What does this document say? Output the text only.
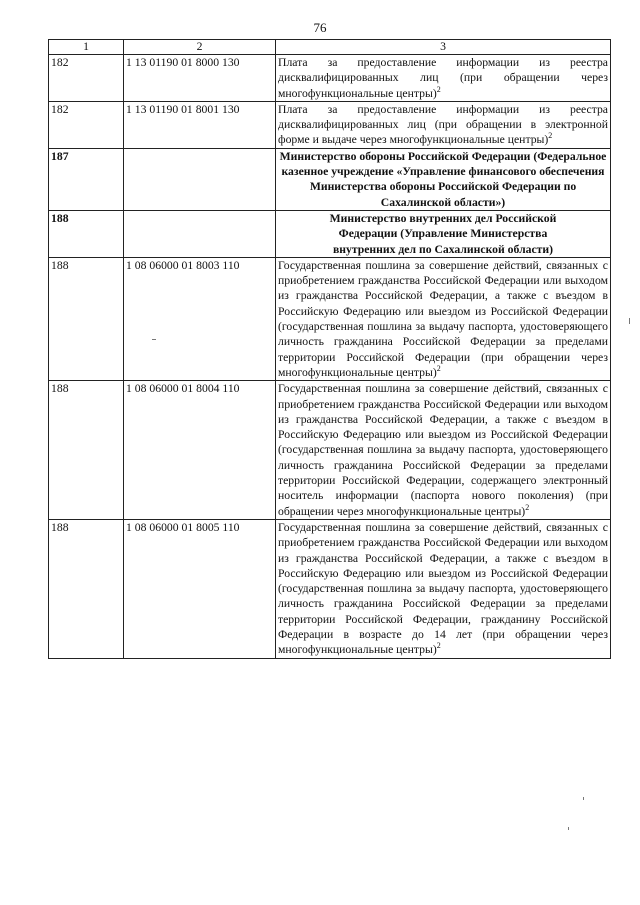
76
1	2	3
182	1 13 01190 01 8000 130	Плата за предоставление информации из реестра дисквалифицированных лиц (при обращении через многофункциональные центры)$^2$
182	1 13 01190 01 8001 130	Плата за предоставление информации из реестра дисквалифицированных лиц (при обращении в электронной форме и выдаче через многофункциональные центры)$^2$
187		Министерство обороны Российской Федерации (Федеральное казенное учреждение «Управление финансового обеспечения Министерства обороны Российской Федерации по Сахалинской области»)
188		Министерство внутренних дел Российской Федерации (Управление Министерства внутренних дел по Сахалинской области)
188	1 08 06000 01 8003 110	Государственная пошлина за совершение действий, связанных с приобретением гражданства Российской Федерации или выходом из гражданства Российской Федерации, а также с въездом в Российскую Федерацию или выездом из Российской Федерации (государственная пошлина за выдачу паспорта, удостоверяющего личность гражданина Российской Федерации за пределами территории Российской Федерации (при обращении через многофункциональные центры)$^2$
188	1 08 06000 01 8004 110	Государственная пошлина за совершение действий, связанных с приобретением гражданства Российской Федерации или выходом из гражданства Российской Федерации, а также с въездом в Российскую Федерацию или выездом из Российской Федерации (государственная пошлина за выдачу паспорта, удостоверяющего личность гражданина Российской Федерации за пределами территории Российской Федерации, содержащего электронный носитель информации (паспорта нового поколения) (при обращении через многофункциональные центры)$^2$
188	1 08 06000 01 8005 110	Государственная пошлина за совершение действий, связанных с приобретением гражданства Российской Федерации или выходом из гражданства Российской Федерации, а также с въездом в Российскую Федерацию или выездом из Российской Федерации (государственная пошлина за выдачу паспорта, удостоверяющего личность гражданина Российской Федерации за пределами территории Российской Федерации, гражданину Российской Федерации в возрасте до 14 лет (при обращении через многофункциональные центры)$^2$
